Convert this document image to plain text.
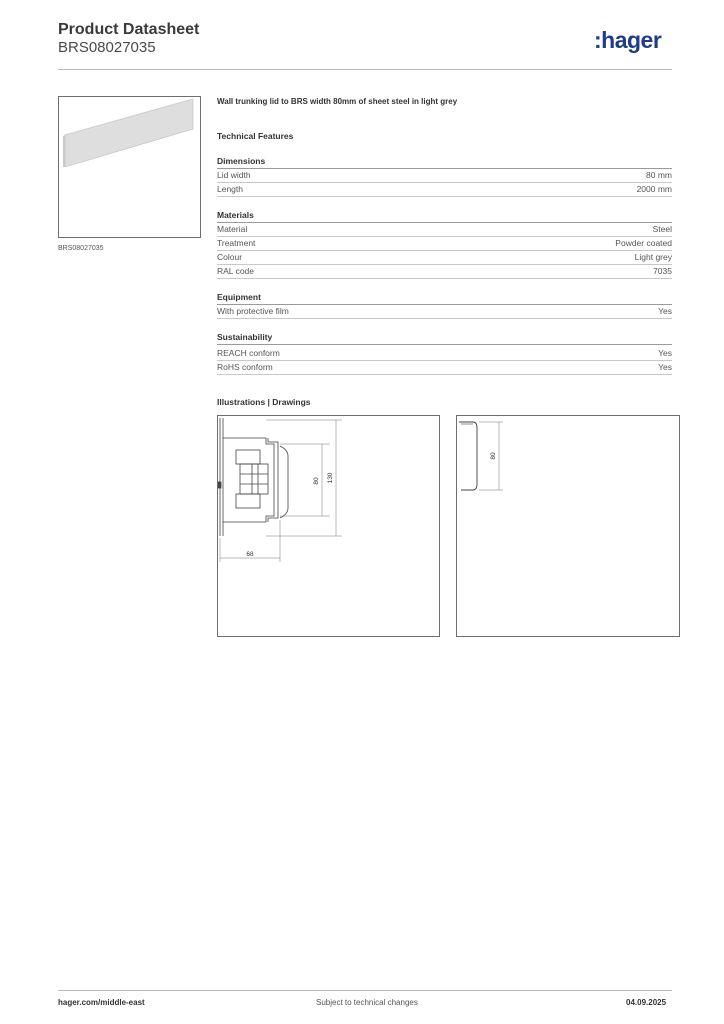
Product Datasheet
BRS08027035	:hager
BRS08027035
Wall trunking lid to BRS width 80mm of sheet steel in light grey
Technical Features
Dimensions
Lid width	80 mm
Length	2000 mm
Materials
Material	Steel
Treatment	Powder coated
Colour	Light grey
RAL code	7035
Equipment
With protective film	Yes
Sustainability
REACH conform	Yes
RoHS conform	Yes
Illustrations | Drawings
80 130
68
80
hager.com/middle-east	Subject to technical changes	04.09.2025
